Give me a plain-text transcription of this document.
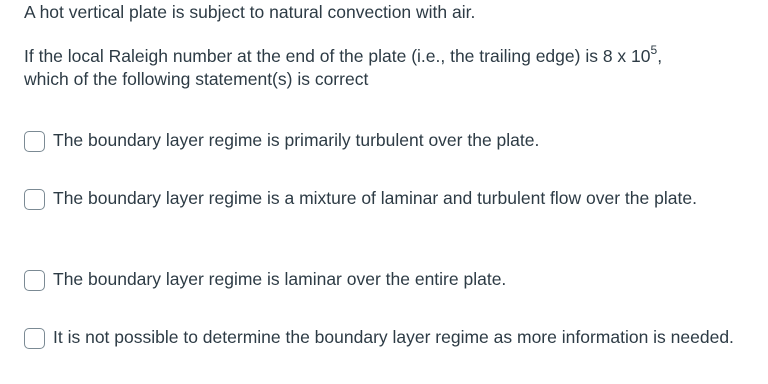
A hot vertical plate is subject to natural convection with air.
If the local Raleigh number at the end of the plate (i.e., the trailing edge) is 8 x $10^5$,
which of the following statement(s) is correct
The boundary layer regime is primarily turbulent over the plate.
The boundary layer regime is a mixture of laminar and turbulent flow over the plate.
The boundary layer regime is laminar over the entire plate.
It is not possible to determine the boundary layer regime as more information is needed.
